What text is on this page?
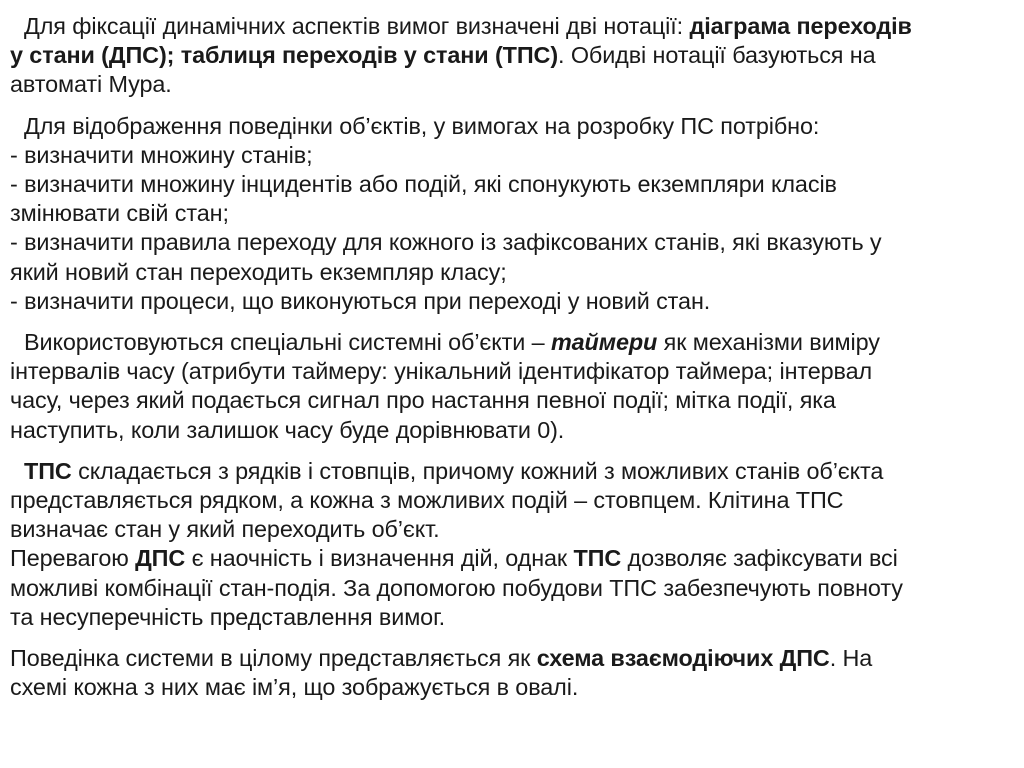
Для фіксації динамічних аспектів вимог визначені дві нотації: діаграма переходів
у стани (ДПС); таблиця переходів у стани (ТПС). Обидві нотації базуються на
автоматі Мура.
Для відображення поведінки об’єктів, у вимогах на розробку ПС потрібно:
- визначити множину станів;
- визначити множину інцидентів або подій, які спонукують екземпляри класів
змінювати свій стан;
- визначити правила переходу для кожного із зафіксованих станів, які вказують у
який новий стан переходить екземпляр класу;
- визначити процеси, що виконуються при переході у новий стан.
Використовуються спеціальні системні об’єкти – таймери як механізми виміру
інтервалів часу (атрибути таймеру: унікальний ідентифікатор таймера; інтервал
часу, через який подається сигнал про настання певної події; мітка події, яка
наступить, коли залишок часу буде дорівнювати 0).
ТПС складається з рядків і стовпців, причому кожний з можливих станів об’єкта
представляється рядком, а кожна з можливих подій – стовпцем. Клітина ТПС
визначає стан у який переходить об’єкт.
Перевагою ДПС є наочність і визначення дій, однак ТПС дозволяє зафіксувати всі
можливі комбінації стан-подія. За допомогою побудови ТПС забезпечують повноту
та несуперечність представлення вимог.
Поведінка системи в цілому представляється як схема взаємодіючих ДПС. На
схемі кожна з них має ім’я, що зображується в овалі.
